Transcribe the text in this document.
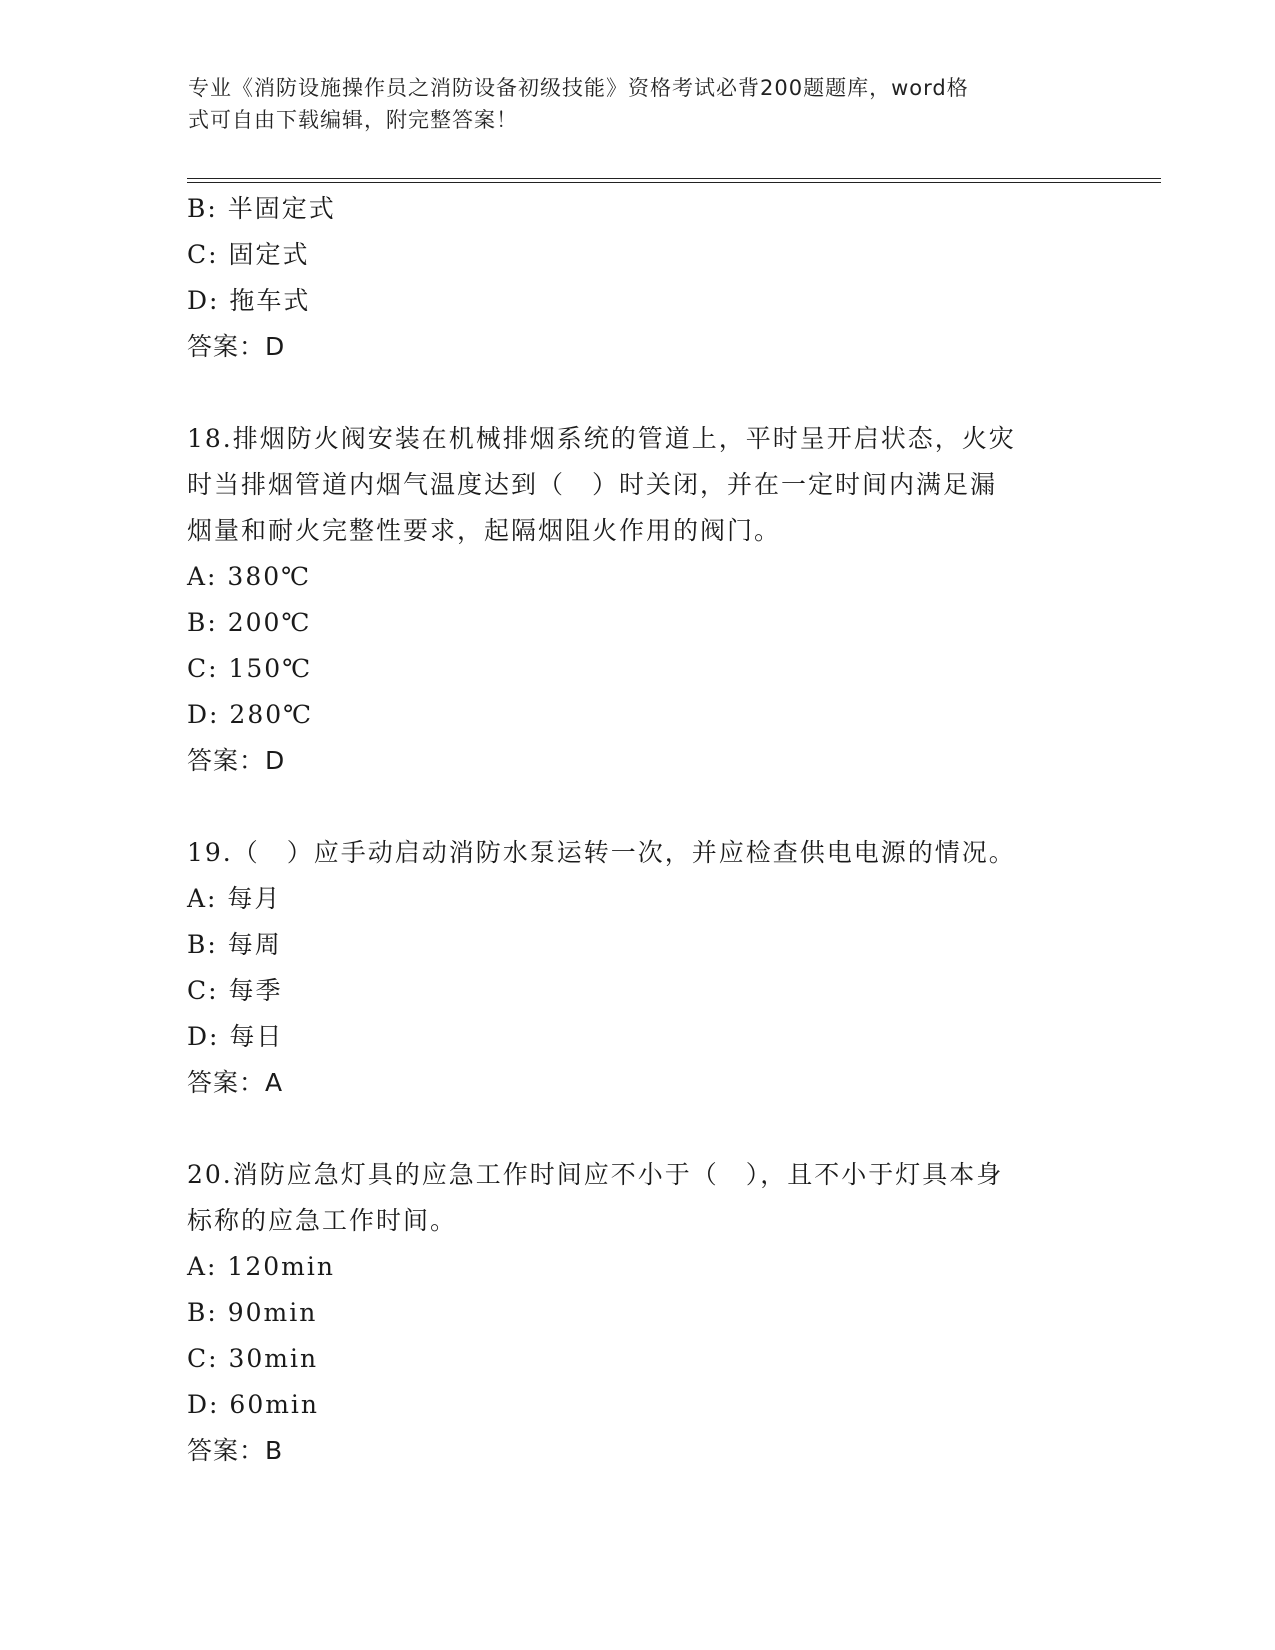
专业《消防设施操作员之消防设备初级技能》资格考试必背200题题库，word格
式可自由下载编辑，附完整答案！
B: 半固定式
C: 固定式
D: 拖车式
答案：D
18.排烟防火阀安装在机械排烟系统的管道上，平时呈开启状态，火灾
时当排烟管道内烟气温度达到（　）时关闭，并在一定时间内满足漏
烟量和耐火完整性要求，起隔烟阻火作用的阀门。
A: 380℃
B: 200℃
C: 150℃
D: 280℃
答案：D
19.（　）应手动启动消防水泵运转一次，并应检查供电电源的情况。
A: 每月
B: 每周
C: 每季
D: 每日
答案：A
20.消防应急灯具的应急工作时间应不小于（　），且不小于灯具本身
标称的应急工作时间。
A: 120min
B: 90min
C: 30min
D: 60min
答案：B
